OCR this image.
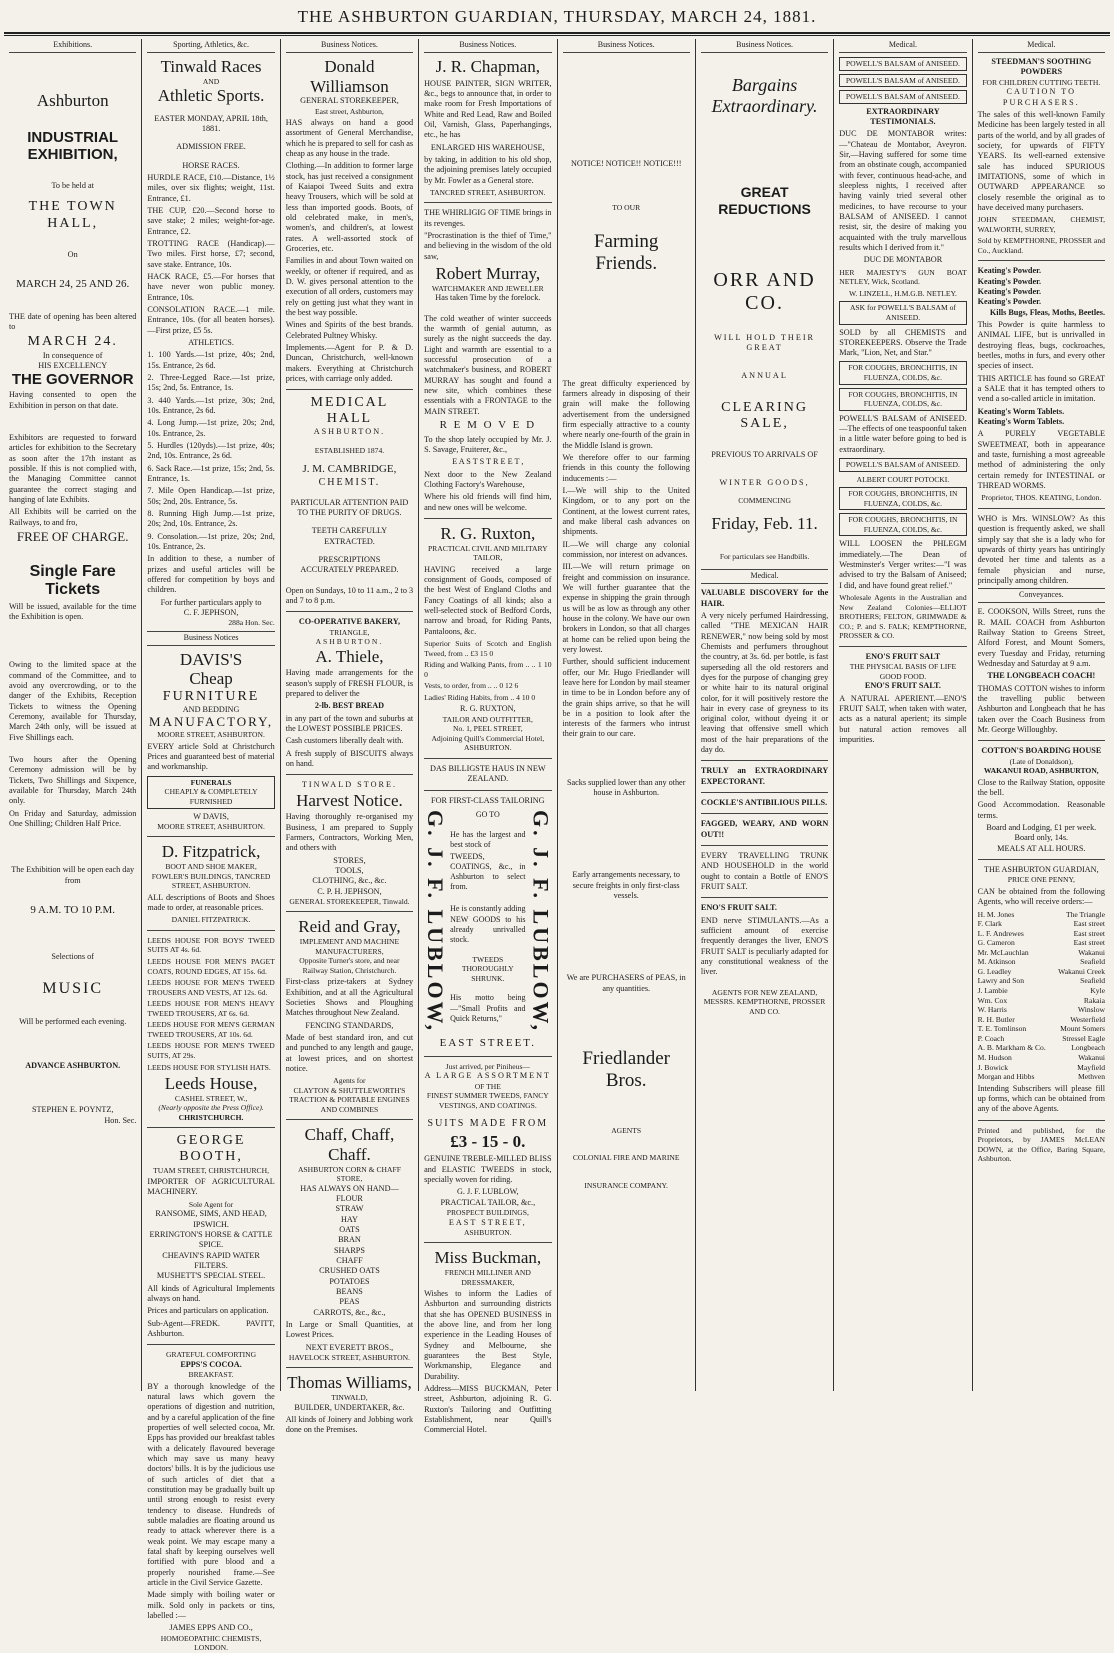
THE ASHBURTON GUARDIAN, THURSDAY, MARCH 24, 1881.
Exhibitions.
Ashburton
INDUSTRIAL EXHIBITION,
To be held at
THE TOWN HALL,
On
MARCH 24, 25 AND 26.

THE date of opening has been altered to

MARCH 24.
In consequence of
HIS EXCELLENCY
THE GOVERNOR

Having consented to open the Exhibition in person on that date.

Exhibitors are requested to forward articles for exhibition to the Secretary as soon after the 17th instant as possible. If this is not complied with, the Managing Committee cannot guarantee the correct staging and hanging of late Exhibits.

All Exhibits will be carried on the Railways, to and fro,

FREE OF CHARGE.
Single Fare Tickets

Will be issued, available for the time the Exhibition is open.

Owing to the limited space at the command of the Committee, and to avoid any overcrowding, or to the danger of the Exhibits, Reception Tickets to witness the Opening Ceremony, available for Thursday, March 24th only, will be issued at Five Shillings each.

Two hours after the Opening Ceremony admission will be by Tickets, Two Shillings and Sixpence, available for Thursday, March 24th only.

On Friday and Saturday, admission One Shilling; Children Half Price.

The Exhibition will be open each day from
9 A.M. TO 10 P.M.
Selections of
MUSIC
Will be performed each evening.
ADVANCE ASHBURTON.
STEPHEN E. POYNTZ,
Hon. Sec.
Sporting, Athletics, &c.
Tinwald Races
AND
Athletic Sports.
EASTER MONDAY, APRIL 18th,
1881.
ADMISSION FREE.
HORSE RACES.

HURDLE RACE, £10.—Distance, 1½ miles, over six flights; weight, 11st. Entrance, £1.

THE CUP, £20.—Second horse to save stake; 2 miles; weight-for-age. Entrance, £2.

TROTTING RACE (Handicap).—Two miles. First horse, £7; second, save stake. Entrance, 10s.

HACK RACE, £5.—For horses that have never won public money. Entrance, 10s.

CONSOLATION RACE.—1 mile. Entrance, 10s. (for all beaten horses).—First prize, £5 5s.

ATHLETICS.

1. 100 Yards.—1st prize, 40s; 2nd, 15s. Entrance, 2s 6d.

2. Three-Legged Race.—1st prize, 15s; 2nd, 5s. Entrance, 1s.

3. 440 Yards.—1st prize, 30s; 2nd, 10s. Entrance, 2s 6d.

4. Long Jump.—1st prize, 20s; 2nd, 10s. Entrance, 2s.

5. Hurdles (120yds).—1st prize, 40s; 2nd, 10s. Entrance, 2s 6d.

6. Sack Race.—1st prize, 15s; 2nd, 5s. Entrance, 1s.

7. Mile Open Handicap.—1st prize, 50s; 2nd, 20s. Entrance, 5s.

8. Running High Jump.—1st prize, 20s; 2nd, 10s. Entrance, 2s.

9. Consolation.—1st prize, 20s; 2nd, 10s. Entrance, 2s.

In addition to these, a number of prizes and useful articles will be offered for competition by boys and children.

For further particulars apply to
C. F. JEPHSON,
288a Hon. Sec.
Business Notices
DAVIS'S
Cheap
FURNITURE
AND BEDDING
MANUFACTORY,
MOORE STREET, ASHBURTON.

EVERY article Sold at Christchurch Prices and guaranteed best of material and workmanship.

FUNERALS
CHEAPLY & COMPLETELY FURNISHED
W DAVIS,
MOORE STREET, ASHBURTON.
D. Fitzpatrick,
BOOT AND SHOE MAKER,
FOWLER'S BUILDINGS, TANCRED STREET, ASHBURTON.

ALL descriptions of Boots and Shoes made to order, at reasonable prices.

DANIEL FITZPATRICK.

LEEDS HOUSE FOR BOYS' TWEED SUITS AT 4s. 6d.

LEEDS HOUSE FOR MEN'S PAGET COATS, ROUND EDGES, AT 15s. 6d.

LEEDS HOUSE FOR MEN'S TWEED TROUSERS AND VESTS, AT 12s. 6d.

LEEDS HOUSE FOR MEN'S HEAVY TWEED TROUSERS, AT 6s. 6d.

LEEDS HOUSE FOR MEN'S GERMAN TWEED TROUSERS, AT 10s. 6d.

LEEDS HOUSE FOR MEN'S TWEED SUITS, AT 29s.

LEEDS HOUSE FOR STYLISH HATS.

Leeds House,
CASHEL STREET, W.,
(Nearly opposite the Press Office).
CHRISTCHURCH.
GEORGE BOOTH,
TUAM STREET, CHRISTCHURCH,

IMPORTER OF AGRICULTURAL MACHINERY.

Sole Agent for
RANSOME, SIMS, AND HEAD, IPSWICH.
ERRINGTON'S HORSE & CATTLE SPICE.
CHEAVIN'S RAPID WATER FILTERS.
MUSHETT'S SPECIAL STEEL.

All kinds of Agricultural Implements always on hand.

Prices and particulars on application.

Sub-Agent—FREDK. PAVITT, Ashburton.

GRATEFUL COMFORTING
EPPS'S COCOA.
BREAKFAST.

BY a thorough knowledge of the natural laws which govern the operations of digestion and nutrition, and by a careful application of the fine properties of well selected cocoa, Mr. Epps has provided our breakfast tables with a delicately flavoured beverage which may save us many heavy doctors' bills. It is by the judicious use of such articles of diet that a constitution may be gradually built up until strong enough to resist every tendency to disease. Hundreds of subtle maladies are floating around us ready to attack wherever there is a weak point. We may escape many a fatal shaft by keeping ourselves well fortified with pure blood and a properly nourished frame.—See article in the Civil Service Gazette.

Made simply with boiling water or milk. Sold only in packets or tins, labelled :—

JAMES EPPS AND CO.,
HOMOEOPATHIC CHEMISTS, LONDON.
Business Notices.
Donald Williamson
GENERAL STOREKEEPER,
East street, Ashburton,

HAS always on hand a good assortment of General Merchandise, which he is prepared to sell for cash as cheap as any house in the trade.

Clothing.—In addition to former large stock, has just received a consignment of Kaiapoi Tweed Suits and extra heavy Trousers, which will be sold at less than imported goods. Boots, of old celebrated make, in men's, women's, and children's, at lowest rates. A well-assorted stock of Groceries, etc.

Families in and about Town waited on weekly, or oftener if required, and as D. W. gives personal attention to the execution of all orders, customers may rely on getting just what they want in the best way possible.

Wines and Spirits of the best brands. Celebrated Pultney Whisky.

Implements.—Agent for P. & D. Duncan, Christchurch, well-known makers. Everything at Christchurch prices, with carriage only added.

MEDICAL HALL
ASHBURTON.
ESTABLISHED 1874.
J. M. CAMBRIDGE,
CHEMIST.
PARTICULAR ATTENTION PAID TO THE PURITY OF DRUGS.
TEETH CAREFULLY EXTRACTED.
PRESCRIPTIONS
ACCURATELY PREPARED.

Open on Sundays, 10 to 11 a.m., 2 to 3 and 7 to 8 p.m.

CO-OPERATIVE BAKERY,
TRIANGLE,
ASHBURTON.
A. Thiele,

Having made arrangements for the season's supply of FRESH FLOUR, is prepared to deliver the

2-lb. BEST BREAD

in any part of the town and suburbs at the LOWEST POSSIBLE PRICES.

Cash customers liberally dealt with.

A fresh supply of BISCUITS always on hand.

TINWALD STORE.
Harvest Notice.

Having thoroughly re-organised my Business, I am prepared to Supply Farmers, Contractors, Working Men, and others with

STORES,
TOOLS,
CLOTHING, &c., &c.
C. P. H. JEPHSON,
GENERAL STOREKEEPER, Tinwald.
Reid and Gray,
IMPLEMENT AND MACHINE MANUFACTURERS,
Opposite Turner's store, and near Railway Station, Christchurch.

First-class prize-takers at Sydney Exhibition, and at all the Agricultural Societies Shows and Ploughing Matches throughout New Zealand.

FENCING STANDARDS,

Made of best standard iron, and cut and punched to any length and gauge, at lowest prices, and on shortest notice.

Agents for
CLAYTON & SHUTTLEWORTH'S TRACTION & PORTABLE ENGINES AND COMBINES
Chaff, Chaff, Chaff.
ASHBURTON CORN & CHAFF STORE,
HAS ALWAYS ON HAND—
FLOUR
STRAW
HAY
OATS
BRAN
SHARPS
CHAFF
CRUSHED OATS
POTATOES
BEANS
PEAS
CARROTS, &c., &c.,

In Large or Small Quantities, at Lowest Prices.

NEXT EVERETT BROS.,
HAVELOCK STREET, ASHBURTON.
Thomas Williams,
TINWALD,
BUILDER, UNDERTAKER, &c.

All kinds of Joinery and Jobbing work done on the Premises.

Business Notices.
J. R. Chapman,

HOUSE PAINTER, SIGN WRITER, &c., begs to announce that, in order to make room for Fresh Importations of White and Red Lead, Raw and Boiled Oil, Varnish, Glass, Paperhangings, etc., he has

ENLARGED HIS WAREHOUSE,

by taking, in addition to his old shop, the adjoining premises lately occupied by Mr. Fowler as a General store.

TANCRED STREET, ASHBURTON.

THE WHIRLIGIG OF TIME brings in its revenges.

"Procrastination is the thief of Time," and believing in the wisdom of the old saw,

Robert Murray,
WATCHMAKER AND JEWELLER
Has taken Time by the forelock.

The cold weather of winter succeeds the warmth of genial autumn, as surely as the night succeeds the day. Light and warmth are essential to a successful prosecution of a watchmaker's business, and ROBERT MURRAY has sought and found a new site, which combines these essentials with a FRONTAGE to the MAIN STREET.

R E M O V E D

To the shop lately occupied by Mr. J. S. Savage, Fruiterer, &c.,

E A S T S T R E E T ,

Next door to the New Zealand Clothing Factory's Warehouse,

Where his old friends will find him, and new ones will be welcome.

R. G. Ruxton,
PRACTICAL CIVIL AND MILITARY TAILOR,

HAVING received a large consignment of Goods, composed of the best West of England Cloths and Fancy Coatings of all kinds; also a well-selected stock of Bedford Cords, narrow and broad, for Riding Pants, Pantaloons, &c.

Superior Suits of Scotch and English Tweed, from .. £3 15 0

Riding and Walking Pants, from .. .. 1 10 0

Vests, to order, from .. .. 0 12 6

Ladies' Riding Habits, from .. 4 10 0

R. G. RUXTON,
TAILOR AND OUTFITTER,
No. 1, PEEL STREET,
Adjoining Quill's Commercial Hotel, ASHBURTON.
DAS BILLIGSTE HAUS IN NEW ZEALAND.
FOR FIRST-CLASS TAILORING
G. J. F. LUBLOW,	GO TO

He has the largest and best stock of

TWEEDS, COATINGS, &c., in Ashburton to select from.

He is constantly adding NEW GOODS to his already unrivalled stock.

TWEEDS THOROUGHLY SHRUNK.

His motto being—"Small Profits and Quick Returns,"	G. J. F. LUBLOW,
EAST STREET.
Just arrived, per Piniheus—
A LARGE ASSORTMENT
OF THE
FINEST SUMMER TWEEDS, FANCY VESTINGS, AND COATINGS.
SUITS MADE FROM
£3 - 15 - 0.

GENUINE TREBLE-MILLED BLISS and ELASTIC TWEEDS in stock, specially woven for riding.

G. J. F. LUBLOW,
PRACTICAL TAILOR, &c.,
PROSPECT BUILDINGS,
EAST STREET,
ASHBURTON.
Miss Buckman,
FRENCH MILLINER AND DRESSMAKER,

Wishes to inform the Ladies of Ashburton and surrounding districts that she has OPENED BUSINESS in the above line, and from her long experience in the Leading Houses of Sydney and Melbourne, she guarantees the Best Style, Workmanship, Elegance and Durability.

Address—MISS BUCKMAN, Peter street, Ashburton, adjoining R. G. Ruxton's Tailoring and Outfitting Establishment, near Quill's Commercial Hotel.

Business Notices.
NOTICE! NOTICE!! NOTICE!!!
TO OUR
Farming Friends.

The great difficulty experienced by farmers already in disposing of their grain will make the following advertisement from the undersigned firm especially attractive to a county where nearly one-fourth of the grain in the Middle Island is grown.

We therefore offer to our farming friends in this county the following inducements :—

I.—We will ship to the United Kingdom, or to any port on the Continent, at the lowest current rates, and make liberal cash advances on shipments.

II.—We will charge any colonial commission, nor interest on advances.

III.—We will return primage on freight and commission on insurance. We will further guarantee that the expense in shipping the grain through us will be as low as through any other house in the colony. We have our own brokers in London, so that all charges at home can be relied upon being the very lowest.

Further, should sufficient inducement offer, our Mr. Hugo Friedlander will leave here for London by mail steamer in time to be in London before any of the grain ships arrive, so that he will be in a position to look after the interests of the farmers who intrust their grain to our care.

Sacks supplied lower than any other house in Ashburton.

Early arrangements necessary, to secure freights in only first-class vessels.

We are PURCHASERS of PEAS, in any quantities.

Friedlander Bros.
AGENTS
COLONIAL FIRE AND MARINE
INSURANCE COMPANY.
Business Notices.
Bargains
Extraordinary.
GREAT REDUCTIONS
ORR AND CO.
WILL HOLD THEIR GREAT
ANNUAL
CLEARING SALE,
PREVIOUS TO ARRIVALS OF
WINTER GOODS,
COMMENCING
Friday, Feb. 11.
For particulars see Handbills.
Medical.

VALUABLE DISCOVERY for the HAIR.

A very nicely perfumed Hairdressing, called "THE MEXICAN HAIR RENEWER," now being sold by most Chemists and perfumers throughout the country, at 3s. 6d. per bottle, is fast superseding all the old restorers and dyes for the purpose of changing grey or white hair to its natural original color, for it will positively restore the hair in every case of greyness to its original color, without dyeing it or leaving that offensive smell which most of the hair preparations of the day do.

TRULY an EXTRAORDINARY EXPECTORANT.

COCKLE'S ANTIBILIOUS PILLS.

FAGGED, WEARY, AND WORN OUT!!

EVERY TRAVELLING TRUNK AND HOUSEHOLD in the world ought to contain a Bottle of ENO'S FRUIT SALT.

ENO'S FRUIT SALT.

END nerve STIMULANTS.—As a sufficient amount of exercise frequently deranges the liver, ENO'S FRUIT SALT is peculiarly adapted for any constitutional weakness of the liver.

AGENTS FOR NEW ZEALAND,
MESSRS. KEMPTHORNE, PROSSER AND CO.
Medical.
POWELL'S BALSAM of ANISEED.
POWELL'S BALSAM of ANISEED.
POWELL'S BALSAM of ANISEED.
EXTRAORDINARY TESTIMONIALS.

DUC DE MONTABOR writes:—"Chateau de Montabor, Aveyron. Sir,—Having suffered for some time from an obstinate cough, accompanied with fever, continuous head-ache, and sleepless nights, I received after having vainly tried several other medicines, to have recourse to your BALSAM of ANISEED. I cannot resist, sir, the desire of making you acquainted with the truly marvellous results which I derived from it."

DUC DE MONTABOR

HER MAJESTY'S GUN BOAT NETLEY, Wick, Scotland.

W. LINZELL, H.M.G.B. NETLEY.
ASK for POWELL'S BALSAM of ANISEED.

SOLD by all CHEMISTS and STOREKEEPERS. Observe the Trade Mark, "Lion, Net, and Star."

FOR COUGHS, BRONCHITIS, IN FLUENZA, COLDS, &c.
FOR COUGHS, BRONCHITIS, IN FLUENZA, COLDS, &c.

POWELL'S BALSAM of ANISEED.—The effects of one teaspoonful taken in a little water before going to bed is extraordinary.

POWELL'S BALSAM of ANISEED.
ALBERT COURT POTOCKI.
FOR COUGHS, BRONCHITIS, IN FLUENZA, COLDS, &c.
FOR COUGHS, BRONCHITIS, IN FLUENZA, COLDS, &c.

WILL LOOSEN the PHLEGM immediately.—The Dean of Westminster's Verger writes:—"I was advised to try the Balsam of Aniseed; I did, and have found great relief."

Wholesale Agents in the Australian and New Zealand Colonies—ELLIOT BROTHERS; FELTON, GRIMWADE & CO.; P. and S. FALK; KEMPTHORNE, PROSSER & CO.

ENO'S FRUIT SALT
THE PHYSICAL BASIS OF LIFE
GOOD FOOD.
ENO'S FRUIT SALT.

A NATURAL APERIENT.—ENO'S FRUIT SALT, when taken with water, acts as a natural aperient; its simple but natural action removes all impurities.

Medical.
STEEDMAN'S SOOTHING POWDERS
FOR CHILDREN CUTTING TEETH.
CAUTION TO PURCHASERS.

The sales of this well-known Family Medicine has been largely tested in all parts of the world, and by all grades of society, for upwards of FIFTY YEARS. Its well-earned extensive sale has induced SPURIOUS IMITATIONS, some of which in OUTWARD APPEARANCE so closely resemble the original as to have deceived many purchasers.

JOHN STEEDMAN, CHEMIST, WALWORTH, SURREY,

Sold by KEMPTHORNE, PROSSER and Co., Auckland.

Keating's Powder.
Keating's Powder.
Keating's Powder.
Keating's Powder.
Kills Bugs, Fleas, Moths, Beetles.

This Powder is quite harmless to ANIMAL LIFE, but is unrivalled in destroying fleas, bugs, cockroaches, beetles, moths in furs, and every other species of insect.

THIS ARTICLE has found so GREAT a SALE that it has tempted others to vend a so-called article in imitation.

Keating's Worm Tablets.
Keating's Worm Tablets.

A PURELY VEGETABLE SWEETMEAT, both in appearance and taste, furnishing a most agreeable method of administering the only certain remedy for INTESTINAL or THREAD WORMS.

Proprietor, THOS. KEATING, London.

WHO is Mrs. WINSLOW? As this question is frequently asked, we shall simply say that she is a lady who for upwards of thirty years has untiringly devoted her time and talents as a female physician and nurse, principally among children.

Conveyances.

E. COOKSON, Wills Street, runs the R. MAIL COACH from Ashburton Railway Station to Greens Street, Alford Forest, and Mount Somers, every Tuesday and Friday, returning Wednesday and Saturday at 9 a.m.

THE LONGBEACH COACH!

THOMAS COTTON wishes to inform the travelling public between Ashburton and Longbeach that he has taken over the Coach Business from Mr. George Willoughby.

COTTON'S BOARDING HOUSE
(Late of Donaldson),
WAKANUI ROAD, ASHBURTON,

Close to the Railway Station, opposite the bell.

Good Accommodation. Reasonable terms.

Board and Lodging, £1 per week.
Board only, 14s.
MEALS AT ALL HOURS.
THE ASHBURTON GUARDIAN,
PRICE ONE PENNY,

CAN be obtained from the following Agents, who will receive orders:—

H. M. Jones	The Triangle
F. Clark	East street
L. F. Andrewes	East street
G. Cameron	East street
Mr. McLauchlan	Wakanui
M. Atkinson	Seafield
G. Leadley	Wakanui Creek
Lawry and Son	Seafield
J. Lambie	Kyle
Wm. Cox	Rakaia
W. Harris	Winslow
R. H. Butler	Westerfield
T. E. Tomlinson	Mount Somers
P. Coach	Stressel Eagle
A. B. Markham & Co.	Longbeach
M. Hudson	Wakanui
J. Bowick	Mayfield
Morgan and Hibbs	Methven

Intending Subscribers will please fill up forms, which can be obtained from any of the above Agents.

Printed and published, for the Proprietors, by JAMES McLEAN DOWN, at the Office, Baring Square, Ashburton.
